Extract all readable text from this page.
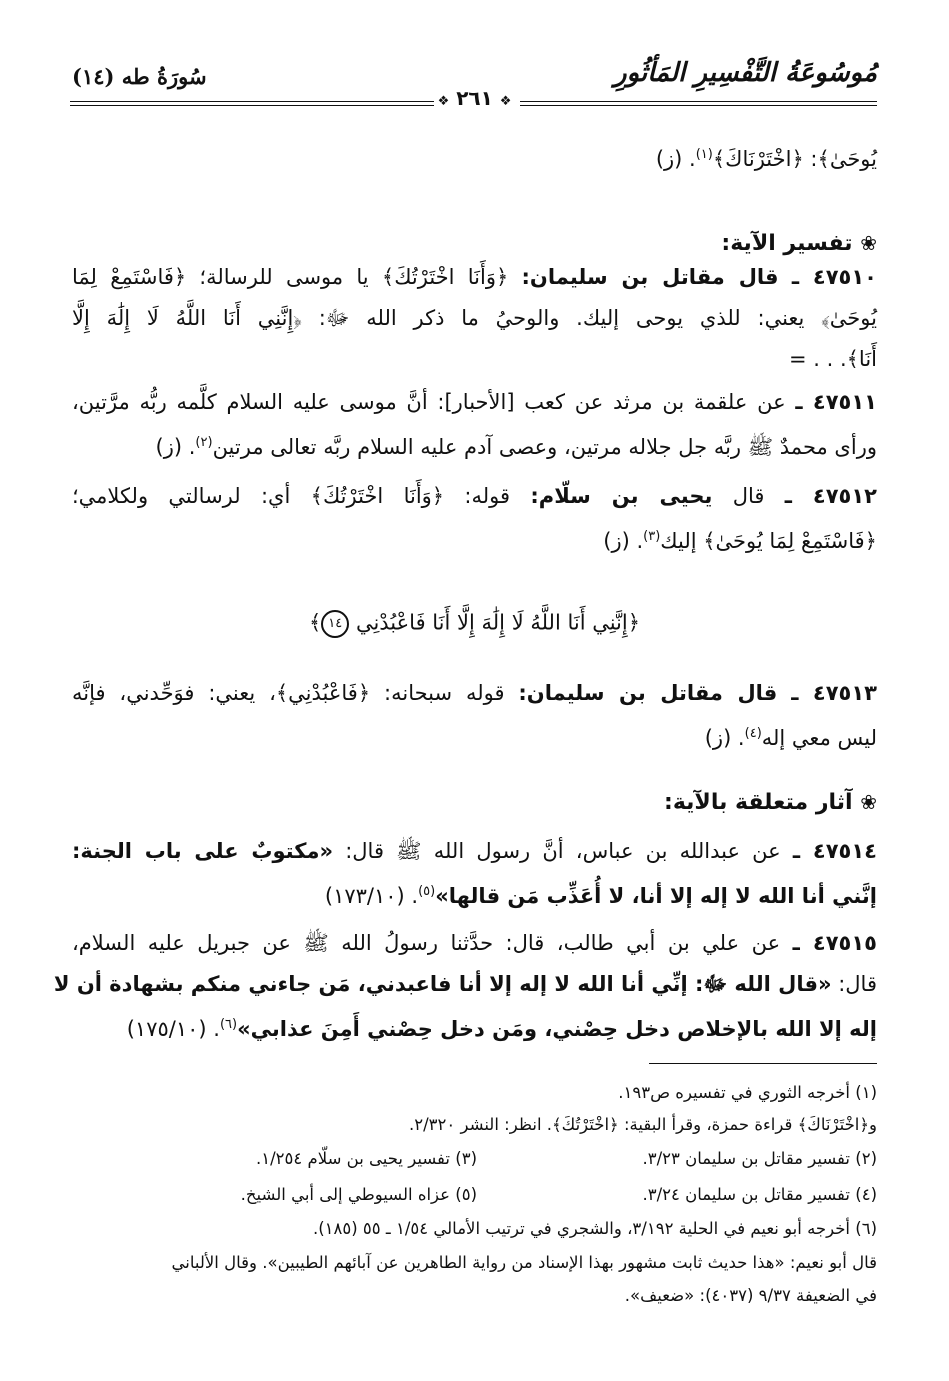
مُوسُوعَةُ التَّفْسِيرِ المَأثُورِ
سُورَةُ طه (١٤)
❖ ٢٦١ ❖
يُوحَىٰ﴾: ﴿اخْتَرْنَاكَ﴾$^{(١)}$. (ز)
❀ تفسير الآية:
٤٧٥١٠ ـ قال مقاتل بن سليمان: ﴿وَأَنَا اخْتَرْتُكَ﴾ يا موسى للرسالة؛ ﴿فَاسْتَمِعْ لِمَا
يُوحَىٰ﴾ يعني: للذي يوحى إليك. والوحيُ ما ذكر الله ﷻ: ﴿إِنَّنِي أَنَا اللَّهُ لَا إِلَٰهَ إِلَّا
أَنَا﴾. . . =
٤٧٥١١ ـ عن علقمة بن مرثد عن كعب [الأحبار]: أنَّ موسى عليه السلام كلَّمه ربُّه مرَّتين،
ورأى محمدٌ ﷺ ربَّه جل جلاله مرتين، وعصى آدم عليه السلام ربَّه تعالى مرتين$^{(٢)}$. (ز)
٤٧٥١٢ ـ قال يحيى بن سلّام: قوله: ﴿وَأَنَا اخْتَرْتُكَ﴾ أي: لرسالتي ولكلامي؛
﴿فَاسْتَمِعْ لِمَا يُوحَىٰ﴾ إليك$^{(٣)}$. (ز)
﴿إِنَّنِي أَنَا اللَّهُ لَا إِلَٰهَ إِلَّا أَنَا فَاعْبُدْنِي ١٤﴾
٤٧٥١٣ ـ قال مقاتل بن سليمان: قوله سبحانه: ﴿فَاعْبُدْنِي﴾، يعني: فوَحِّدني، فإنَّه
ليس معي إله$^{(٤)}$. (ز)
❀ آثار متعلقة بالآية:
٤٧٥١٤ ـ عن عبدالله بن عباس، أنَّ رسول الله ﷺ قال: «مكتوبٌ على باب الجنة:
إنَّني أنا الله لا إله إلا أنا، لا أُعَذِّب مَن قالها»$^{(٥)}$. (١٧٣/١٠)
٤٧٥١٥ ـ عن علي بن أبي طالب، قال: حدَّثنا رسولُ الله ﷺ عن جبريل عليه السلام،
قال: «قال الله ﷻ: إنِّي أنا الله لا إله إلا أنا فاعبدني، مَن جاءني منكم بشهادة أن لا
إله إلا الله بالإخلاص دخل حِصْني، ومَن دخل حِصْني أَمِنَ عذابي»$^{(٦)}$. (١٧٥/١٠)
(١) أخرجه الثوري في تفسيره ص١٩٣.
و﴿اخْتَرْنَاكَ﴾ قراءة حمزة، وقرأ البقية: ﴿اخْتَرْتُكَ﴾. انظر: النشر ٢/٣٢٠.
(٢) تفسير مقاتل بن سليمان ٣/٢٣.
(٣) تفسير يحيى بن سلّام ١/٢٥٤.
(٤) تفسير مقاتل بن سليمان ٣/٢٤.
(٥) عزاه السيوطي إلى أبي الشيخ.
(٦) أخرجه أبو نعيم في الحلية ٣/١٩٢، والشجري في ترتيب الأمالي ١/٥٤ ـ ٥٥ (١٨٥).
قال أبو نعيم: «هذا حديث ثابت مشهور بهذا الإسناد من رواية الطاهرين عن آبائهم الطيبين». وقال الألباني
في الضعيفة ٩/٣٧ (٤٠٣٧): «ضعيف».
